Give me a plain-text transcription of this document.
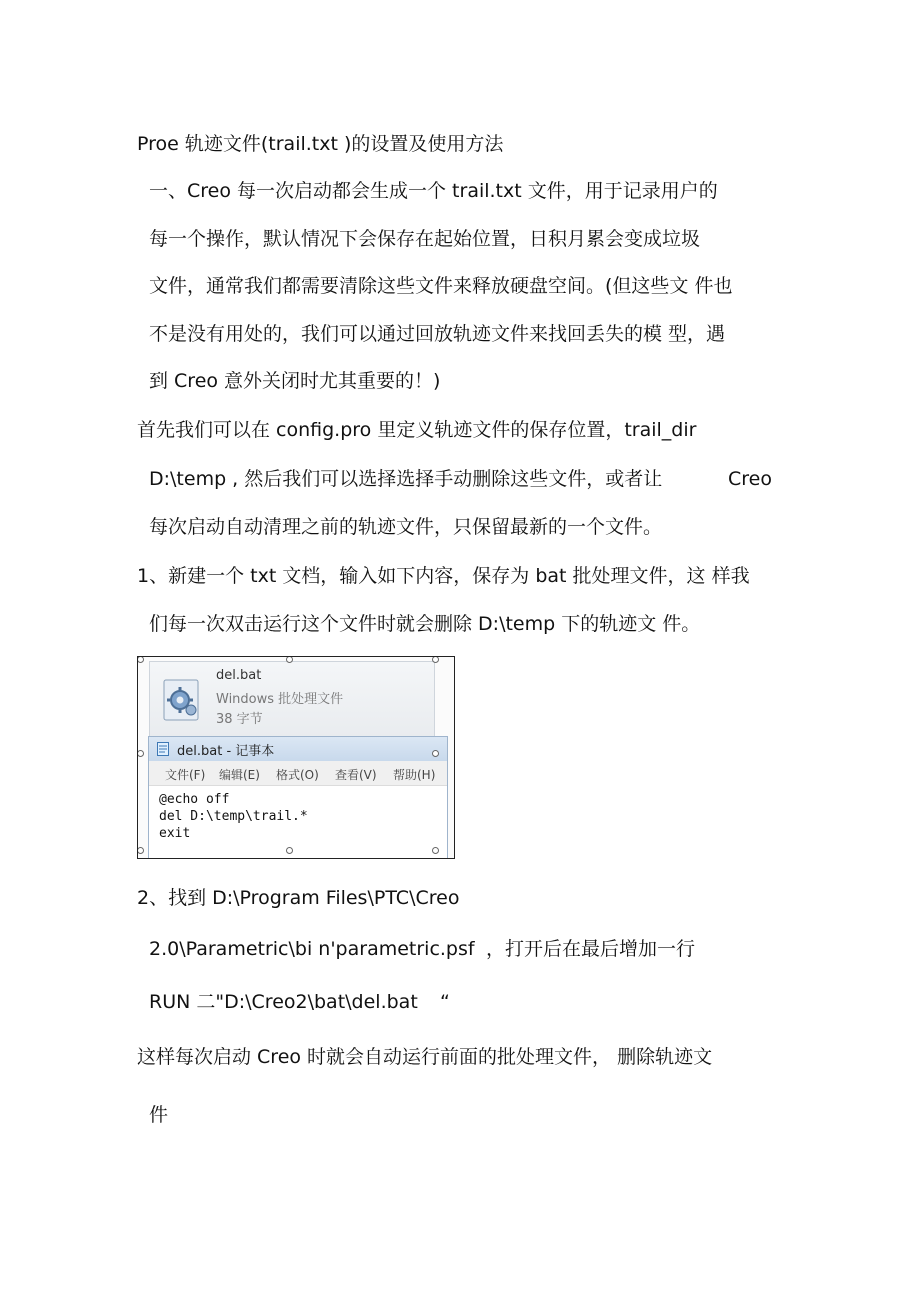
Proe 轨迹文件(trail.txt )的设置及使用方法
一、Creo 每一次启动都会生成一个 trail.txt 文件，用于记录用户的
每一个操作，默认情况下会保存在起始位置，日积月累会变成垃圾
文件，通常我们都需要清除这些文件来释放硬盘空间。(但这些文 件也
不是没有用处的，我们可以通过回放轨迹文件来找回丢失的模 型，遇
到 Creo 意外关闭时尤其重要的！)
首先我们可以在 config.pro 里定义轨迹文件的保存位置，trail_dir
D:\temp , 然后我们可以选择选择手动删除这些文件，或者让	Creo
每次启动自动清理之前的轨迹文件，只保留最新的一个文件。
1、新建一个 txt 文档，输入如下内容，保存为 bat 批处理文件，这 样我
们每一次双击运行这个文件时就会删除 D:\temp 下的轨迹文 件。
del.bat
Windows 批处理文件
38 字节
del.bat - 记事本
文件(F) 编辑(E) 格式(O) 查看(V) 帮助(H)
@echo off
del D:\temp\trail.*
exit
2、找到 D:\Program Files\PTC\Creo
2.0\Parametric\bi n'parametric.psf ，打开后在最后增加一行
RUN 二"D:\Creo2\bat\del.bat “
这样每次启动 Creo 时就会自动运行前面的批处理文件， 删除轨迹文
件
